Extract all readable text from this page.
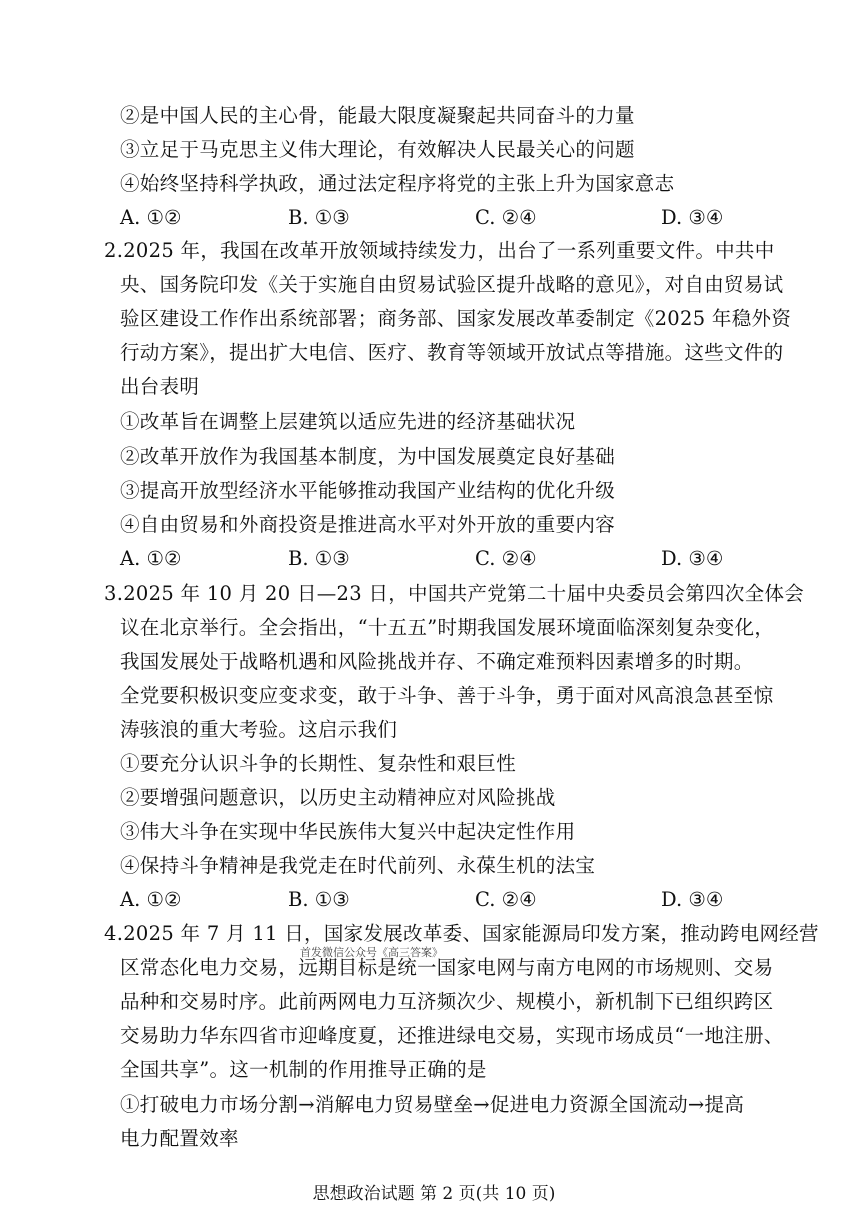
②是中国人民的主心骨，能最大限度凝聚起共同奋斗的力量
③立足于马克思主义伟大理论，有效解决人民最关心的问题
④始终坚持科学执政，通过法定程序将党的主张上升为国家意志
A. ①②	B. ①③	C. ②④	D. ③④
2.2025 年，我国在改革开放领域持续发力，出台了一系列重要文件。中共中
央、国务院印发《关于实施自由贸易试验区提升战略的意见》，对自由贸易试
验区建设工作作出系统部署；商务部、国家发展改革委制定《2025 年稳外资
行动方案》，提出扩大电信、医疗、教育等领域开放试点等措施。这些文件的
出台表明
①改革旨在调整上层建筑以适应先进的经济基础状况
②改革开放作为我国基本制度，为中国发展奠定良好基础
③提高开放型经济水平能够推动我国产业结构的优化升级
④自由贸易和外商投资是推进高水平对外开放的重要内容
A. ①②	B. ①③	C. ②④	D. ③④
3.2025 年 10 月 20 日—23 日，中国共产党第二十届中央委员会第四次全体会
议在北京举行。全会指出，“十五五”时期我国发展环境面临深刻复杂变化，
我国发展处于战略机遇和风险挑战并存、不确定难预料因素增多的时期。
全党要积极识变应变求变，敢于斗争、善于斗争，勇于面对风高浪急甚至惊
涛骇浪的重大考验。这启示我们
①要充分认识斗争的长期性、复杂性和艰巨性
②要增强问题意识，以历史主动精神应对风险挑战
③伟大斗争在实现中华民族伟大复兴中起决定性作用
④保持斗争精神是我党走在时代前列、永葆生机的法宝
A. ①②	B. ①③	C. ②④	D. ③④
4.2025 年 7 月 11 日，国家发展改革委、国家能源局印发方案，推动跨电网经营
首发微信公众号《高三答案》
区常态化电力交易，远期目标是统一国家电网与南方电网的市场规则、交易
品种和交易时序。此前两网电力互济频次少、规模小，新机制下已组织跨区
交易助力华东四省市迎峰度夏，还推进绿电交易，实现市场成员“一地注册、
全国共享”。这一机制的作用推导正确的是
①打破电力市场分割→消解电力贸易壁垒→促进电力资源全国流动→提高
电力配置效率
思想政治试题 第 2 页(共 10 页)
